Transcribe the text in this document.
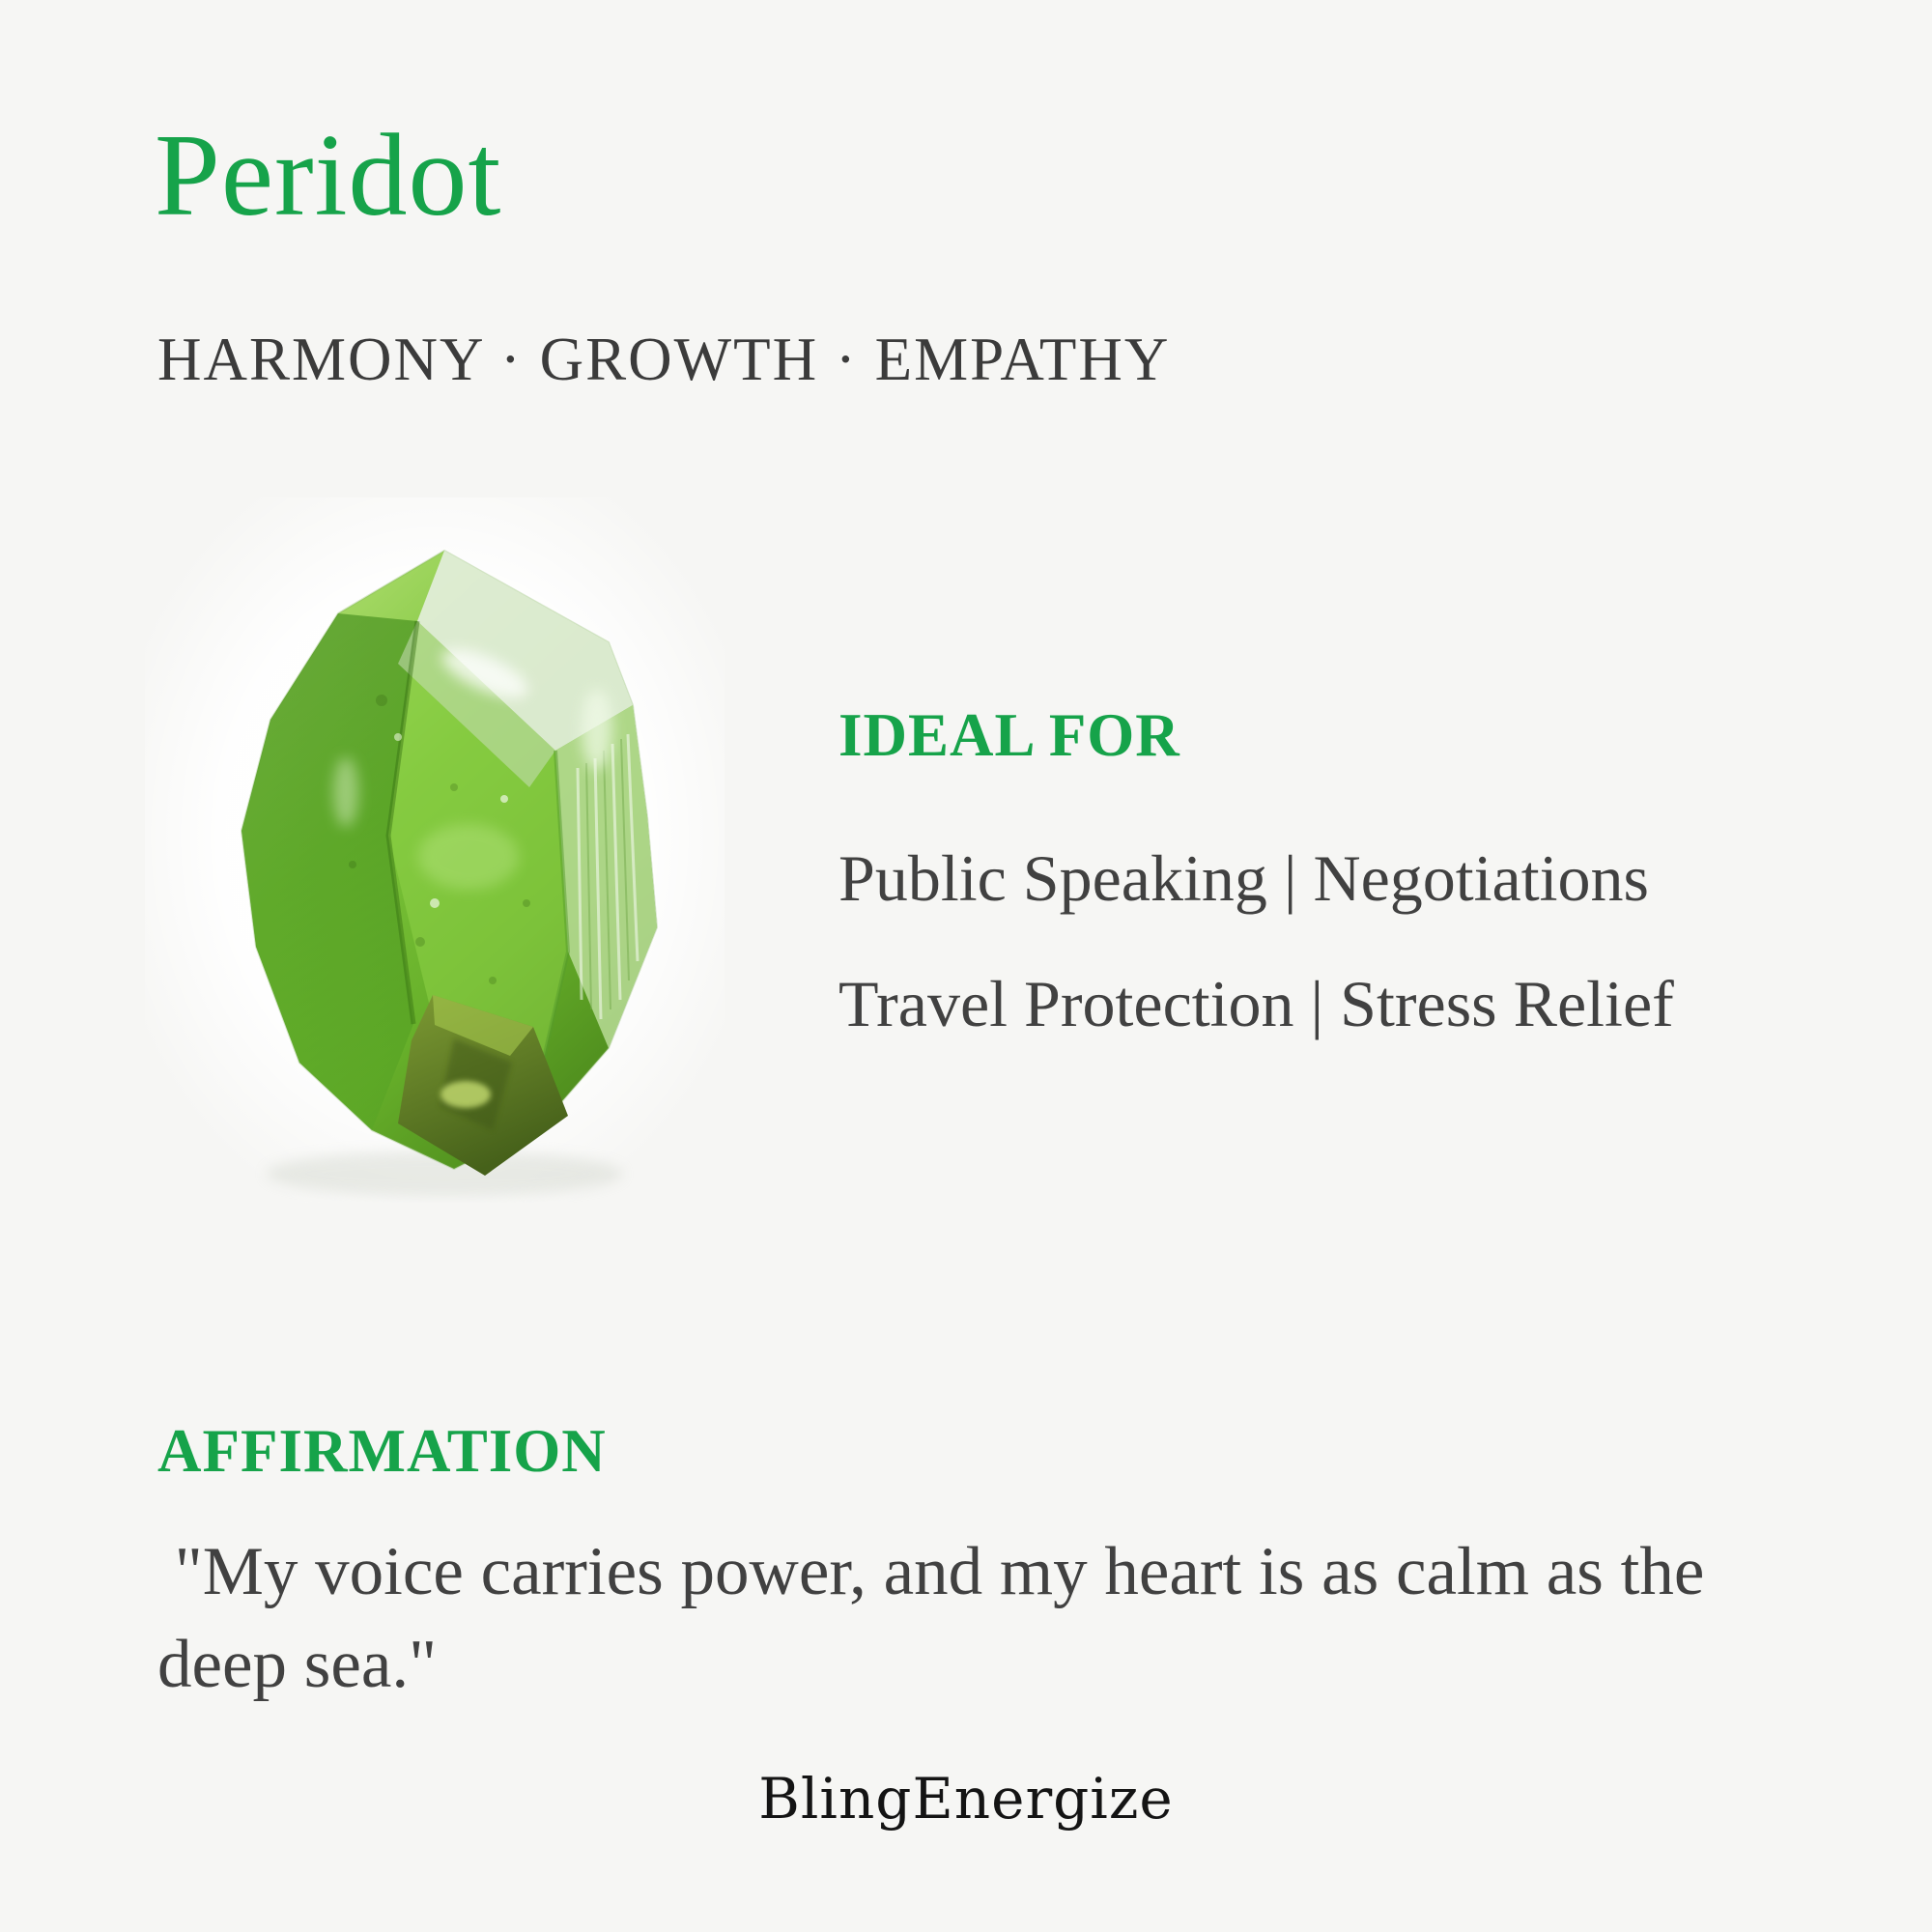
Peridot
HARMONY · GROWTH · EMPATHY
IDEAL FOR
Public Speaking | Negotiations
Travel Protection | Stress Relief
AFFIRMATION

"My voice carries power, and my heart is as calm as the

deep sea."

BlingEnergize
